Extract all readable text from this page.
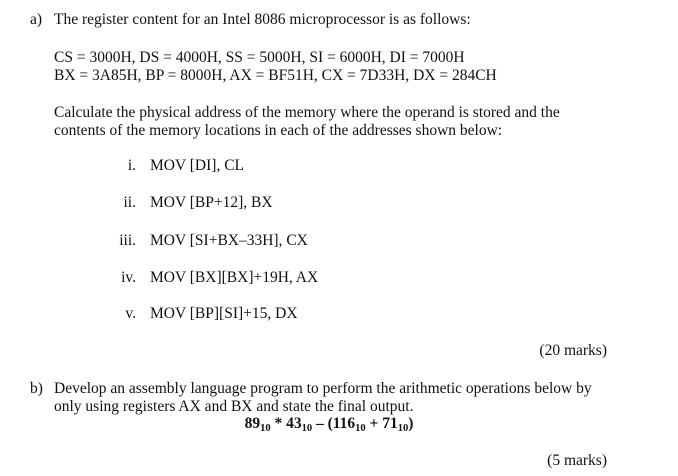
a) The register content for an Intel 8086 microprocessor is as follows:
CS = 3000H, DS = 4000H, SS = 5000H, SI = 6000H, DI = 7000H
BX = 3A85H, BP = 8000H, AX = BF51H, CX = 7D33H, DX = 284CH
Calculate the physical address of the memory where the operand is stored and the
contents of the memory locations in each of the addresses shown below:
i. MOV [DI], CL
ii. MOV [BP+12], BX
iii. MOV [SI+BX–33H], CX
iv. MOV [BX][BX]+19H, AX
v. MOV [BP][SI]+15, DX
(20 marks)
b) Develop an assembly language program to perform the arithmetic operations below by
only using registers AX and BX and state the final output.
8910 * 4310 – (11610 + 7110)
(5 marks)
